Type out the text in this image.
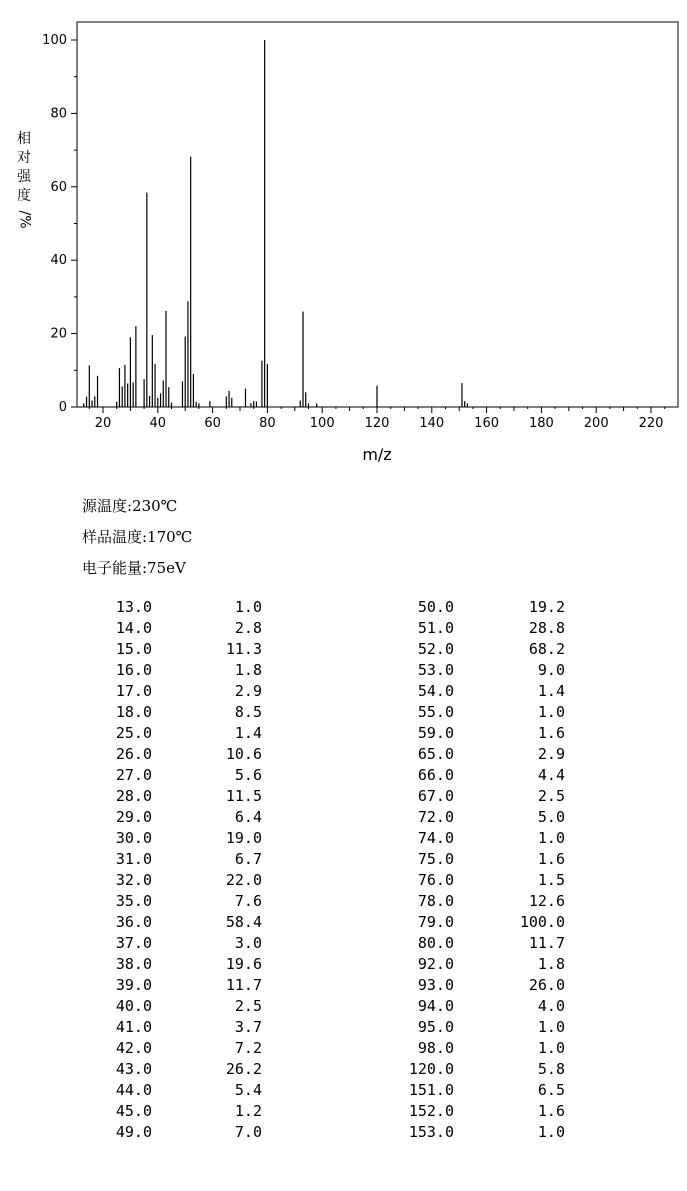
0
20
40
60
80
100
20	40	60	80	100 120 140 160 180 200 220
m/z
相
对
强
度
/%
源温度:230℃
样品温度:170℃
电子能量:75eV
13.0	1.0
14.0	2.8
15.0	11.3
16.0	1.8
17.0	2.9
18.0	8.5
25.0	1.4
26.0	10.6
27.0	5.6
28.0	11.5
29.0	6.4
30.0	19.0
31.0	6.7
32.0	22.0
35.0	7.6
36.0	58.4
37.0	3.0
38.0	19.6
39.0	11.7
40.0	2.5
41.0	3.7
42.0	7.2
43.0	26.2
44.0	5.4
45.0	1.2
49.0	7.0
50.0	19.2
51.0	28.8
52.0	68.2
53.0	9.0
54.0	1.4
55.0	1.0
59.0	1.6
65.0	2.9
66.0	4.4
67.0	2.5
72.0	5.0
74.0	1.0
75.0	1.6
76.0	1.5
78.0	12.6
79.0	100.0
80.0	11.7
92.0	1.8
93.0	26.0
94.0	4.0
95.0	1.0
98.0	1.0
120.0	5.8
151.0	6.5
152.0	1.6
153.0	1.0
